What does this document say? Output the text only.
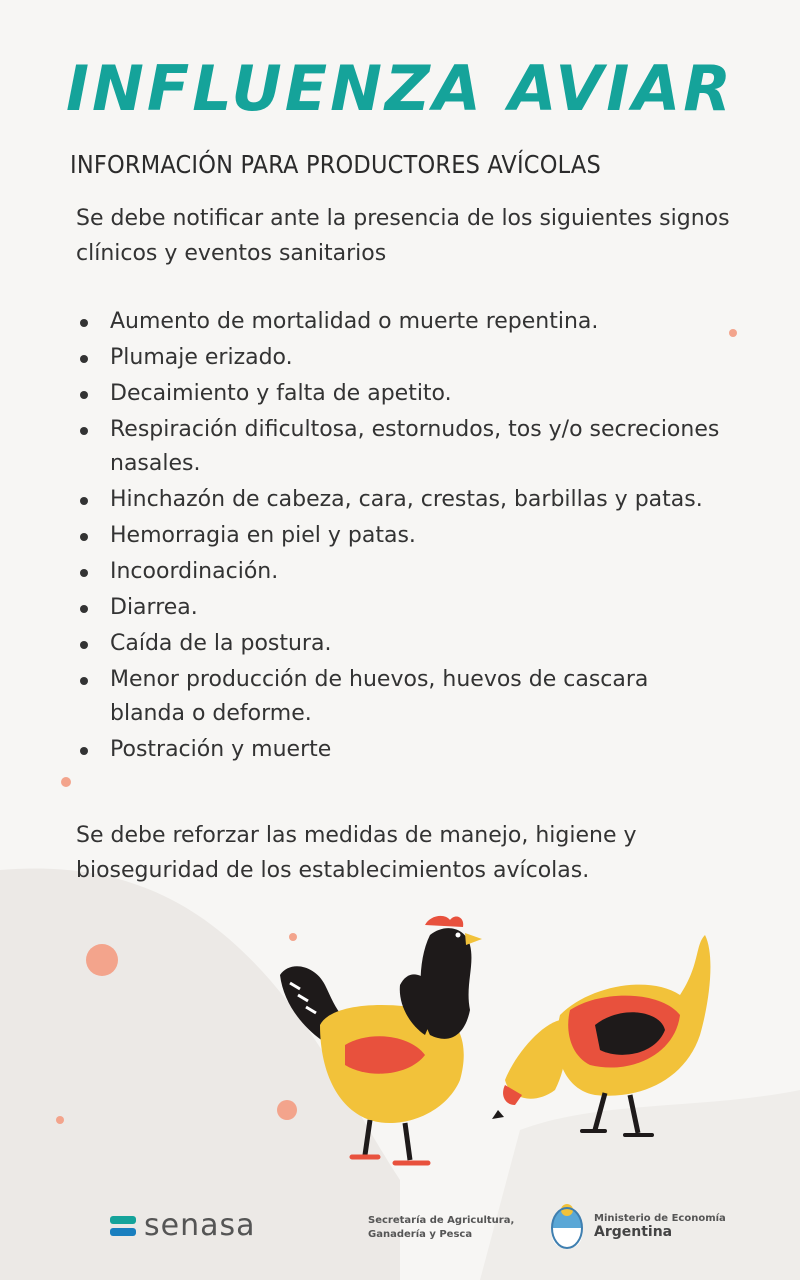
INFLUENZA AVIAR
INFORMACIÓN PARA PRODUCTORES AVÍCOLAS

Se debe notificar ante la presencia de los siguientes signos clínicos y eventos sanitarios

Aumento de mortalidad o muerte repentina.
Plumaje erizado.
Decaimiento y falta de apetito.
Respiración dificultosa, estornudos, tos y/o secreciones nasales.
Hinchazón de cabeza, cara, crestas, barbillas y patas.
Hemorragia en piel y patas.
Incoordinación.
Diarrea.
Caída de la postura.
Menor producción de huevos, huevos de cascara blanda o deforme.
Postración y muerte

Se debe reforzar las medidas de manejo, higiene y bioseguridad de los establecimientos avícolas.

senasa	Secretaría de Agricultura,
Ganadería y Pesca
Ministerio de Economía
Argentina
